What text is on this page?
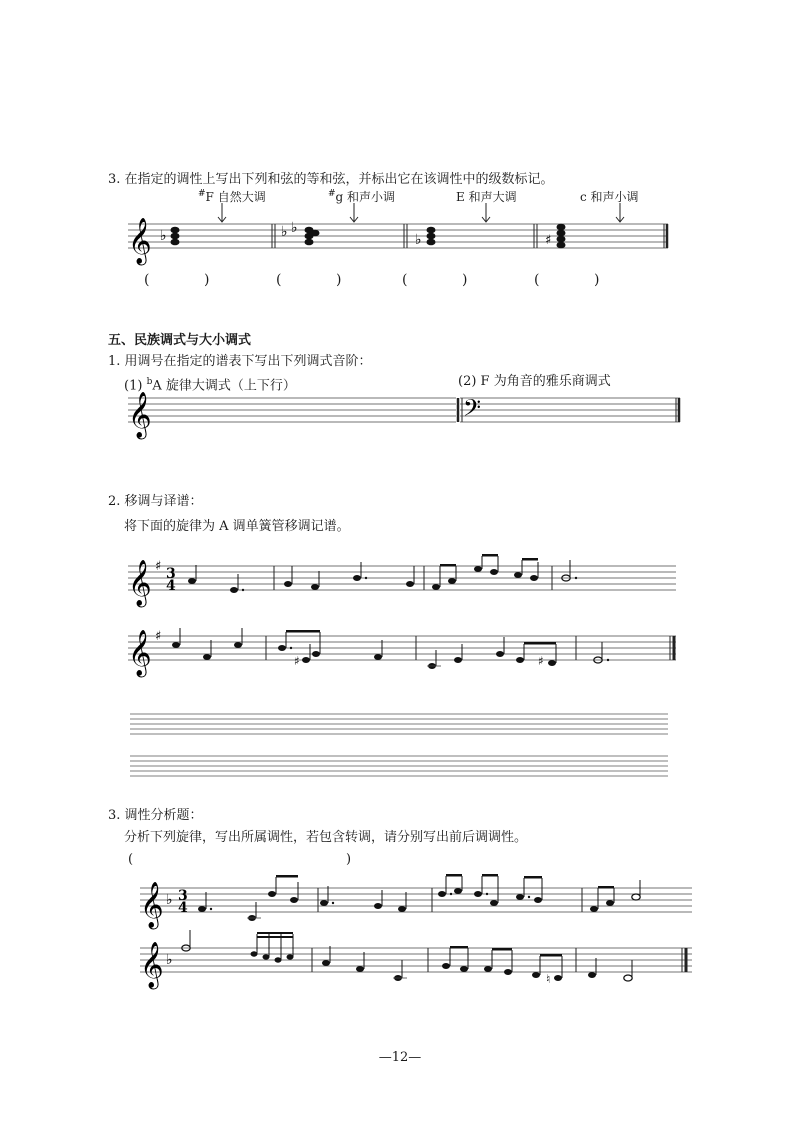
3. 在指定的调性上写出下列和弦的等和弦，并标出它在该调性中的级数标记。
#F 自然大调	#g 和声小调	E 和声大调	c 和声小调
𝄞 ♭	♭ ♭
♭	♯
(	)	(	)	(	)	(	)
五、民族调式与大小调式
1. 用调号在指定的谱表下写出下列调式音阶：
(1) $^b$A 旋律大调式（上下行）	(2) F 为角音的雅乐商调式
𝄞	𝄢
2. 移调与译谱：
将下面的旋律为 A 调单簧管移调记谱。
𝄞 ♯ 3
4
𝄞 ♯
♯	♯
3. 调性分析题：
分析下列旋律，写出所属调性，若包含转调，请分别写出前后调调性。
(	)
𝄞 ♭ 3
4
𝄞 ♭
♮
—12—
